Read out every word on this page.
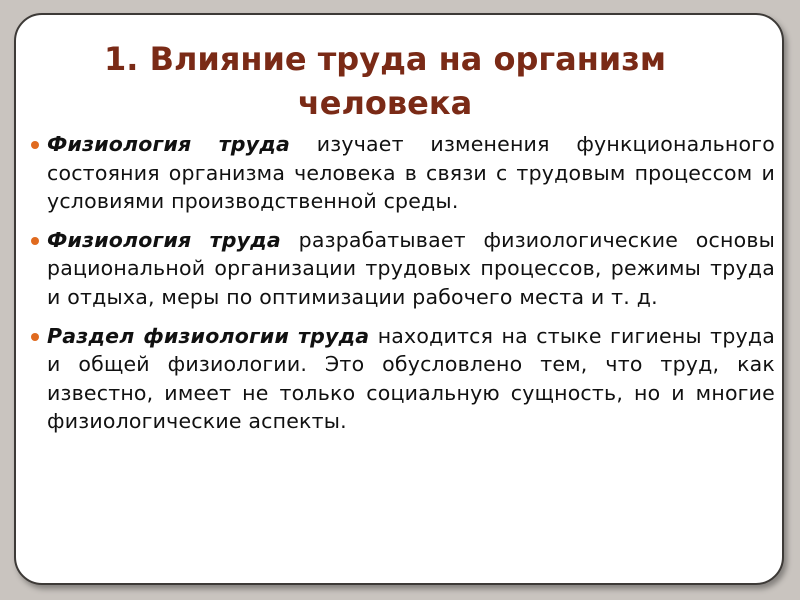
1. Влияние труда на организм
человека
Физиология труда изучает изменения функционального состояния организма человека в связи с трудовым процессом и условиями производственной среды.
Физиология труда разрабатывает физиологические основы рациональной организации трудовых процессов, режимы труда и отдыха, меры по оптимизации рабочего места и т. д.
Раздел физиологии труда находится на стыке гигиены труда и общей физиологии. Это обусловлено тем, что труд, как известно, имеет не только социальную сущность, но и многие физиологические аспекты.
